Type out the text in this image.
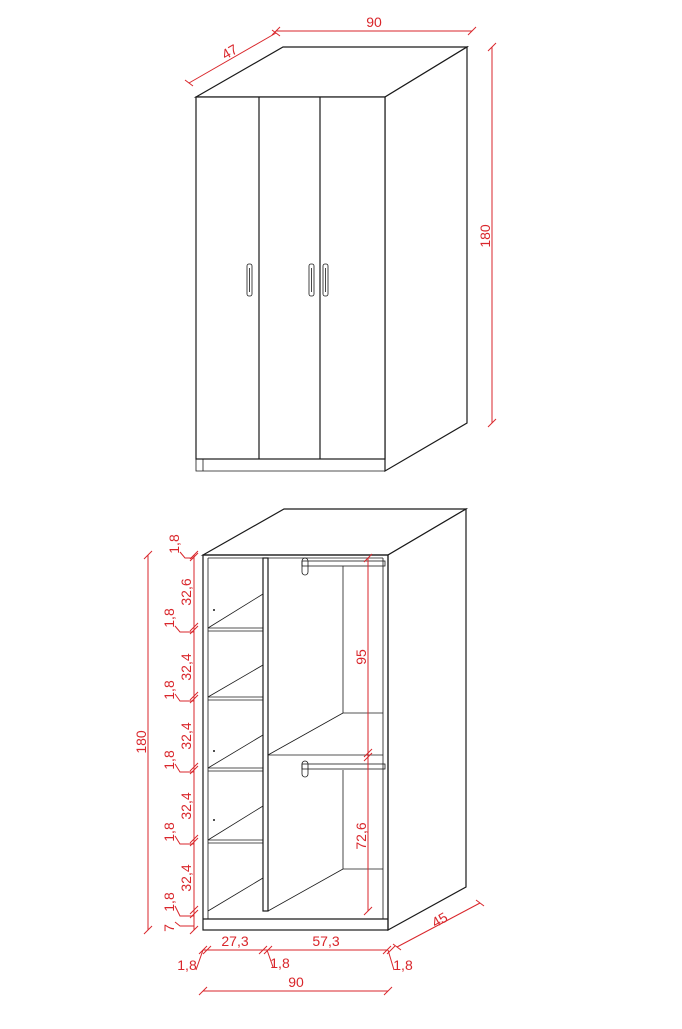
47
90
180
180
1,8
32,6
1,8
32,4
1,8
32,4
1,8
32,4
1,8
32,4
1,8
7
95
72,6
45
27,3	57,3
1,8	1,8	1,8
90
